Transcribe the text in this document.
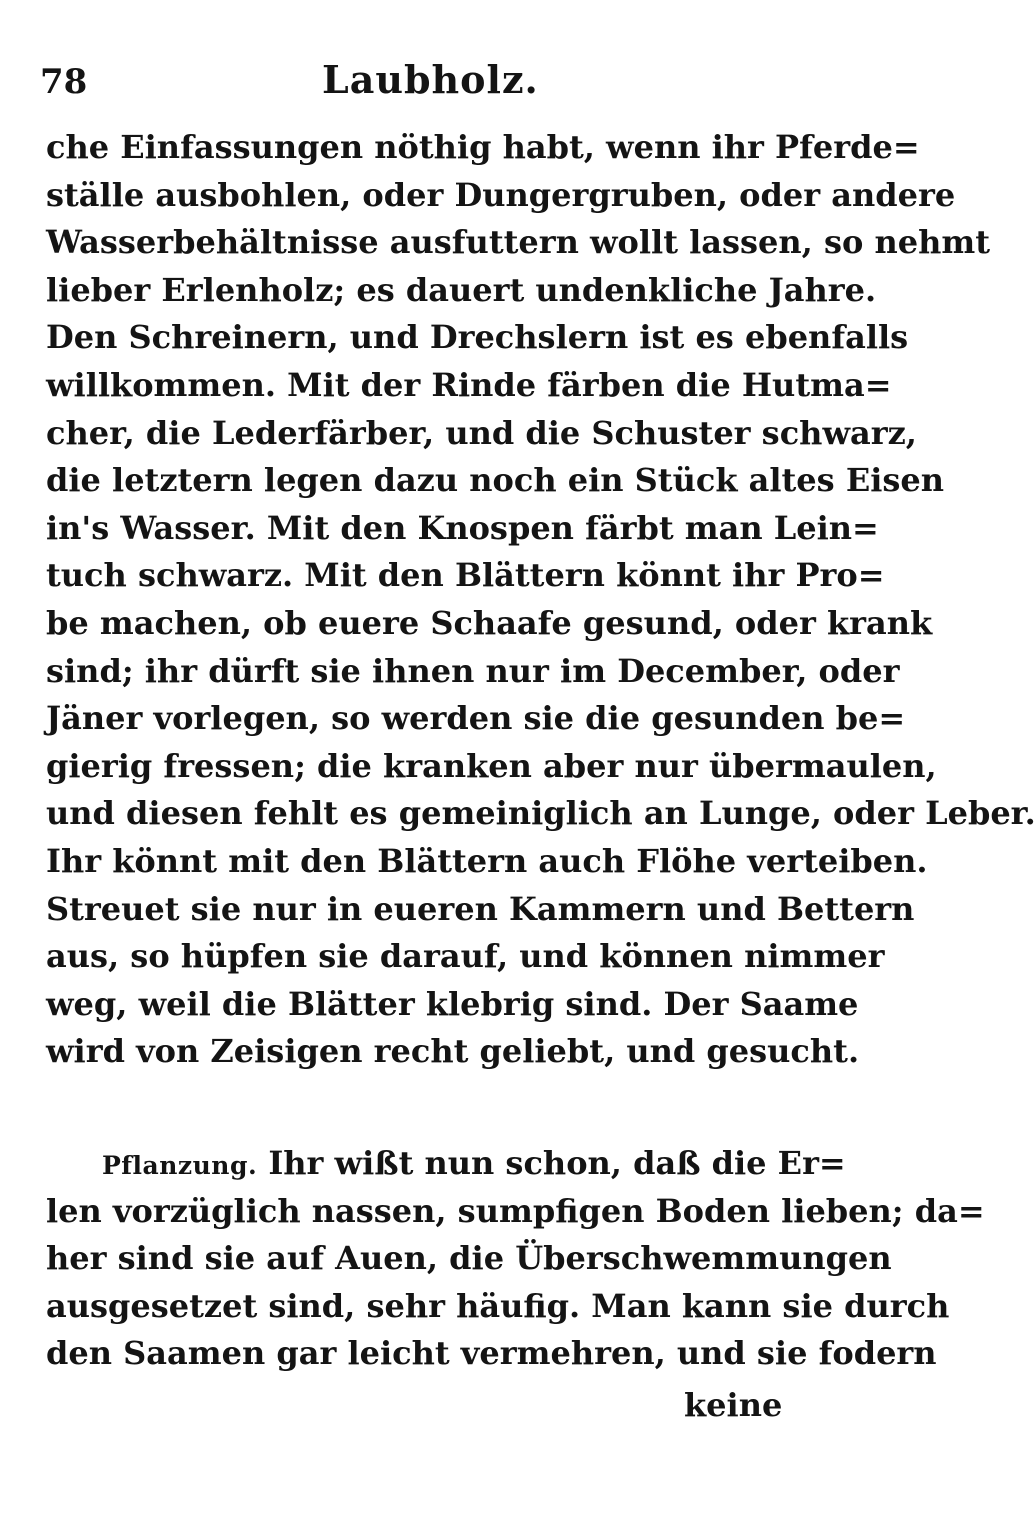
78	Laubholz.
che Einfassungen nöthig habt, wenn ihr Pferde=
ställe ausbohlen, oder Dungergruben, oder andere
Wasserbehältnisse ausfuttern wollt lassen, so nehmt
lieber Erlenholz; es dauert undenkliche Jahre.
Den Schreinern, und Drechslern ist es ebenfalls
willkommen. Mit der Rinde färben die Hutma=
cher, die Lederfärber, und die Schuster schwarz,
die letztern legen dazu noch ein Stück altes Eisen
in's Wasser. Mit den Knospen färbt man Lein=
tuch schwarz. Mit den Blättern könnt ihr Pro=
be machen, ob euere Schaafe gesund, oder krank
sind; ihr dürft sie ihnen nur im December, oder
Jäner vorlegen, so werden sie die gesunden be=
gierig fressen; die kranken aber nur übermaulen,
und diesen fehlt es gemeiniglich an Lunge, oder Leber.
Ihr könnt mit den Blättern auch Flöhe verteiben.
Streuet sie nur in eueren Kammern und Bettern
aus, so hüpfen sie darauf, und können nimmer
weg, weil die Blätter klebrig sind. Der Saame
wird von Zeisigen recht geliebt, und gesucht.
Pflanzung. Ihr wißt nun schon, daß die Er=
len vorzüglich nassen, sumpfigen Boden lieben; da=
her sind sie auf Auen, die Überschwemmungen
ausgesetzet sind, sehr häufig. Man kann sie durch
den Saamen gar leicht vermehren, und sie fodern
keine
